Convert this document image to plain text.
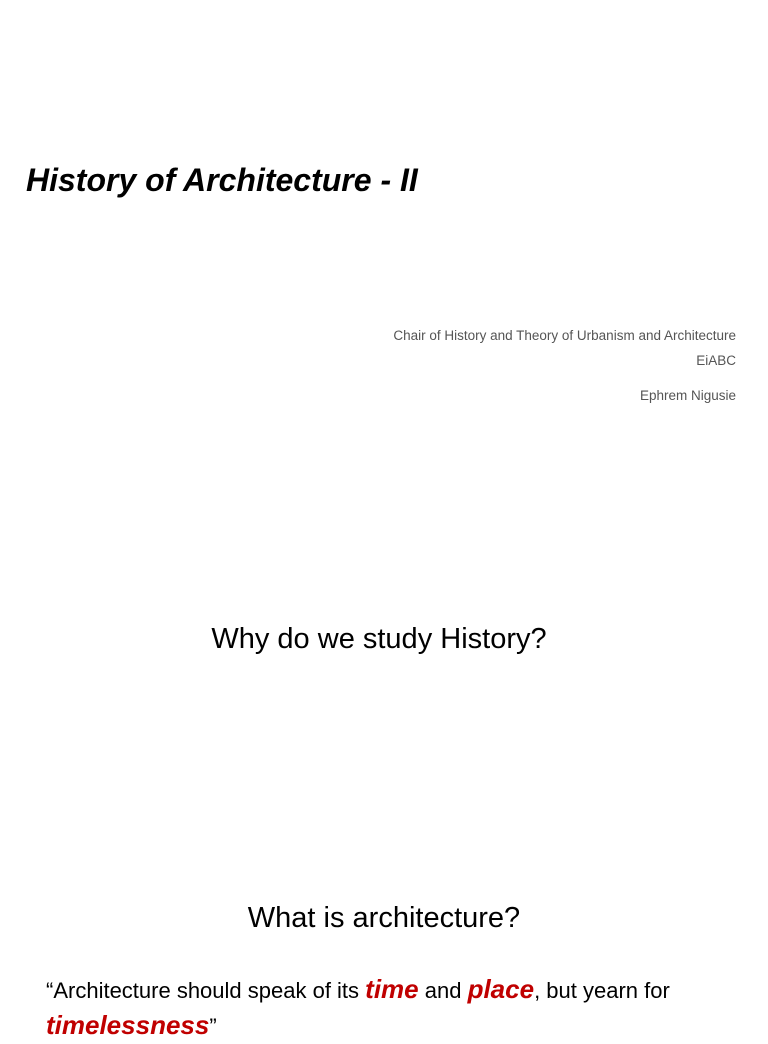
History of Architecture - II
Chair of History and Theory of Urbanism and Architecture
EiABC
Ephrem Nigusie
Why do we study History?
What is architecture?
“Architecture should speak of its time and place, but yearn for
timelessness”
